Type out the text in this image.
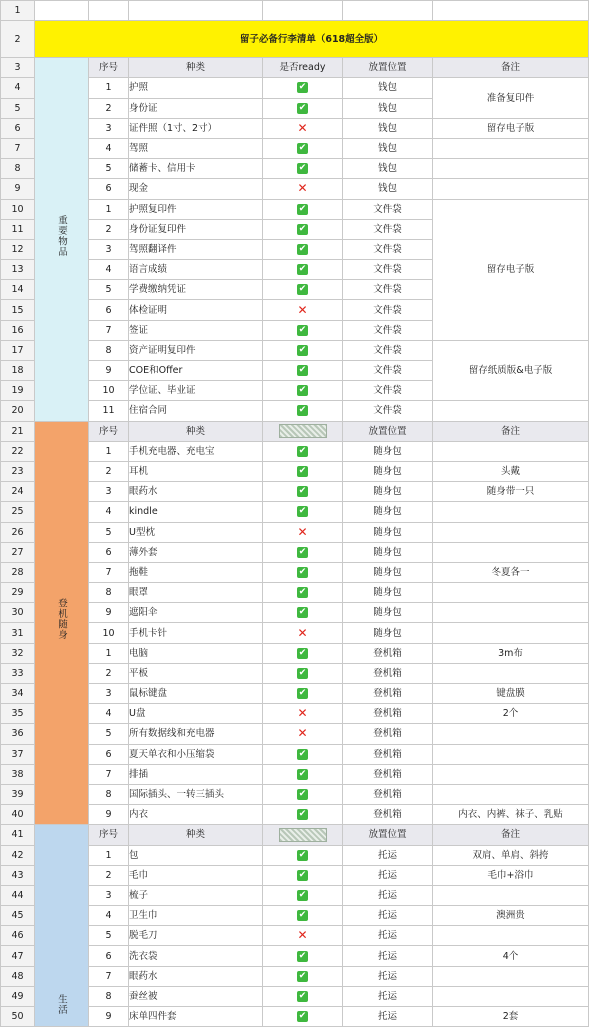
1						
2	留子必备行李清单（618超全版）					
3	重要物品	序号	种类	是否ready	放置位置	备注
4		1	护照	✔	钱包	准备复印件
5		2	身份证	✔	钱包	
6		3	证件照（1寸、2寸）	✕	钱包	留存电子版
7		4	驾照	✔	钱包	
8		5	储蓄卡、信用卡	✔	钱包	
9		6	现金	✕	钱包	
10		1	护照复印件	✔	文件袋	留存电子版
11		2	身份证复印件	✔	文件袋	
12		3	驾照翻译件	✔	文件袋	
13		4	语言成绩	✔	文件袋	
14		5	学费缴纳凭证	✔	文件袋	
15		6	体检证明	✕	文件袋	
16		7	签证	✔	文件袋	
17		8	资产证明复印件	✔	文件袋	留存纸质版&电子版
18		9	COE和Offer	✔	文件袋	
19		10	学位证、毕业证	✔	文件袋	
20		11	住宿合同	✔	文件袋	
21	登机随身	序号	种类		放置位置	备注
22		1	手机充电器、充电宝	✔	随身包	
23		2	耳机	✔	随身包	头戴
24		3	眼药水	✔	随身包	随身带一只
25		4	kindle	✔	随身包	
26		5	U型枕	✕	随身包	
27		6	薄外套	✔	随身包	
28		7	拖鞋	✔	随身包	冬夏各一
29		8	眼罩	✔	随身包	
30		9	遮阳伞	✔	随身包	
31		10	手机卡针	✕	随身包	
32		1	电脑	✔	登机箱	3m布
33		2	平板	✔	登机箱	
34		3	鼠标键盘	✔	登机箱	键盘膜
35		4	U盘	✕	登机箱	2个
36		5	所有数据线和充电器	✕	登机箱	
37		6	夏天单衣和小压缩袋	✔	登机箱	
38		7	排插	✔	登机箱	
39		8	国际插头、一转三插头	✔	登机箱	
40		9	内衣	✔	登机箱	内衣、内裤、袜子、乳贴
41	生活	序号	种类		放置位置	备注
42		1	包	✔	托运	双肩、单肩、斜挎
43		2	毛巾	✔	托运	毛巾+浴巾
44		3	梳子	✔	托运	
45		4	卫生巾	✔	托运	澳洲贵
46		5	脱毛刀	✕	托运	
47		6	洗衣袋	✔	托运	4个
48		7	眼药水	✔	托运	
49		8	蚕丝被	✔	托运	
50		9	床单四件套	✔	托运	2套
